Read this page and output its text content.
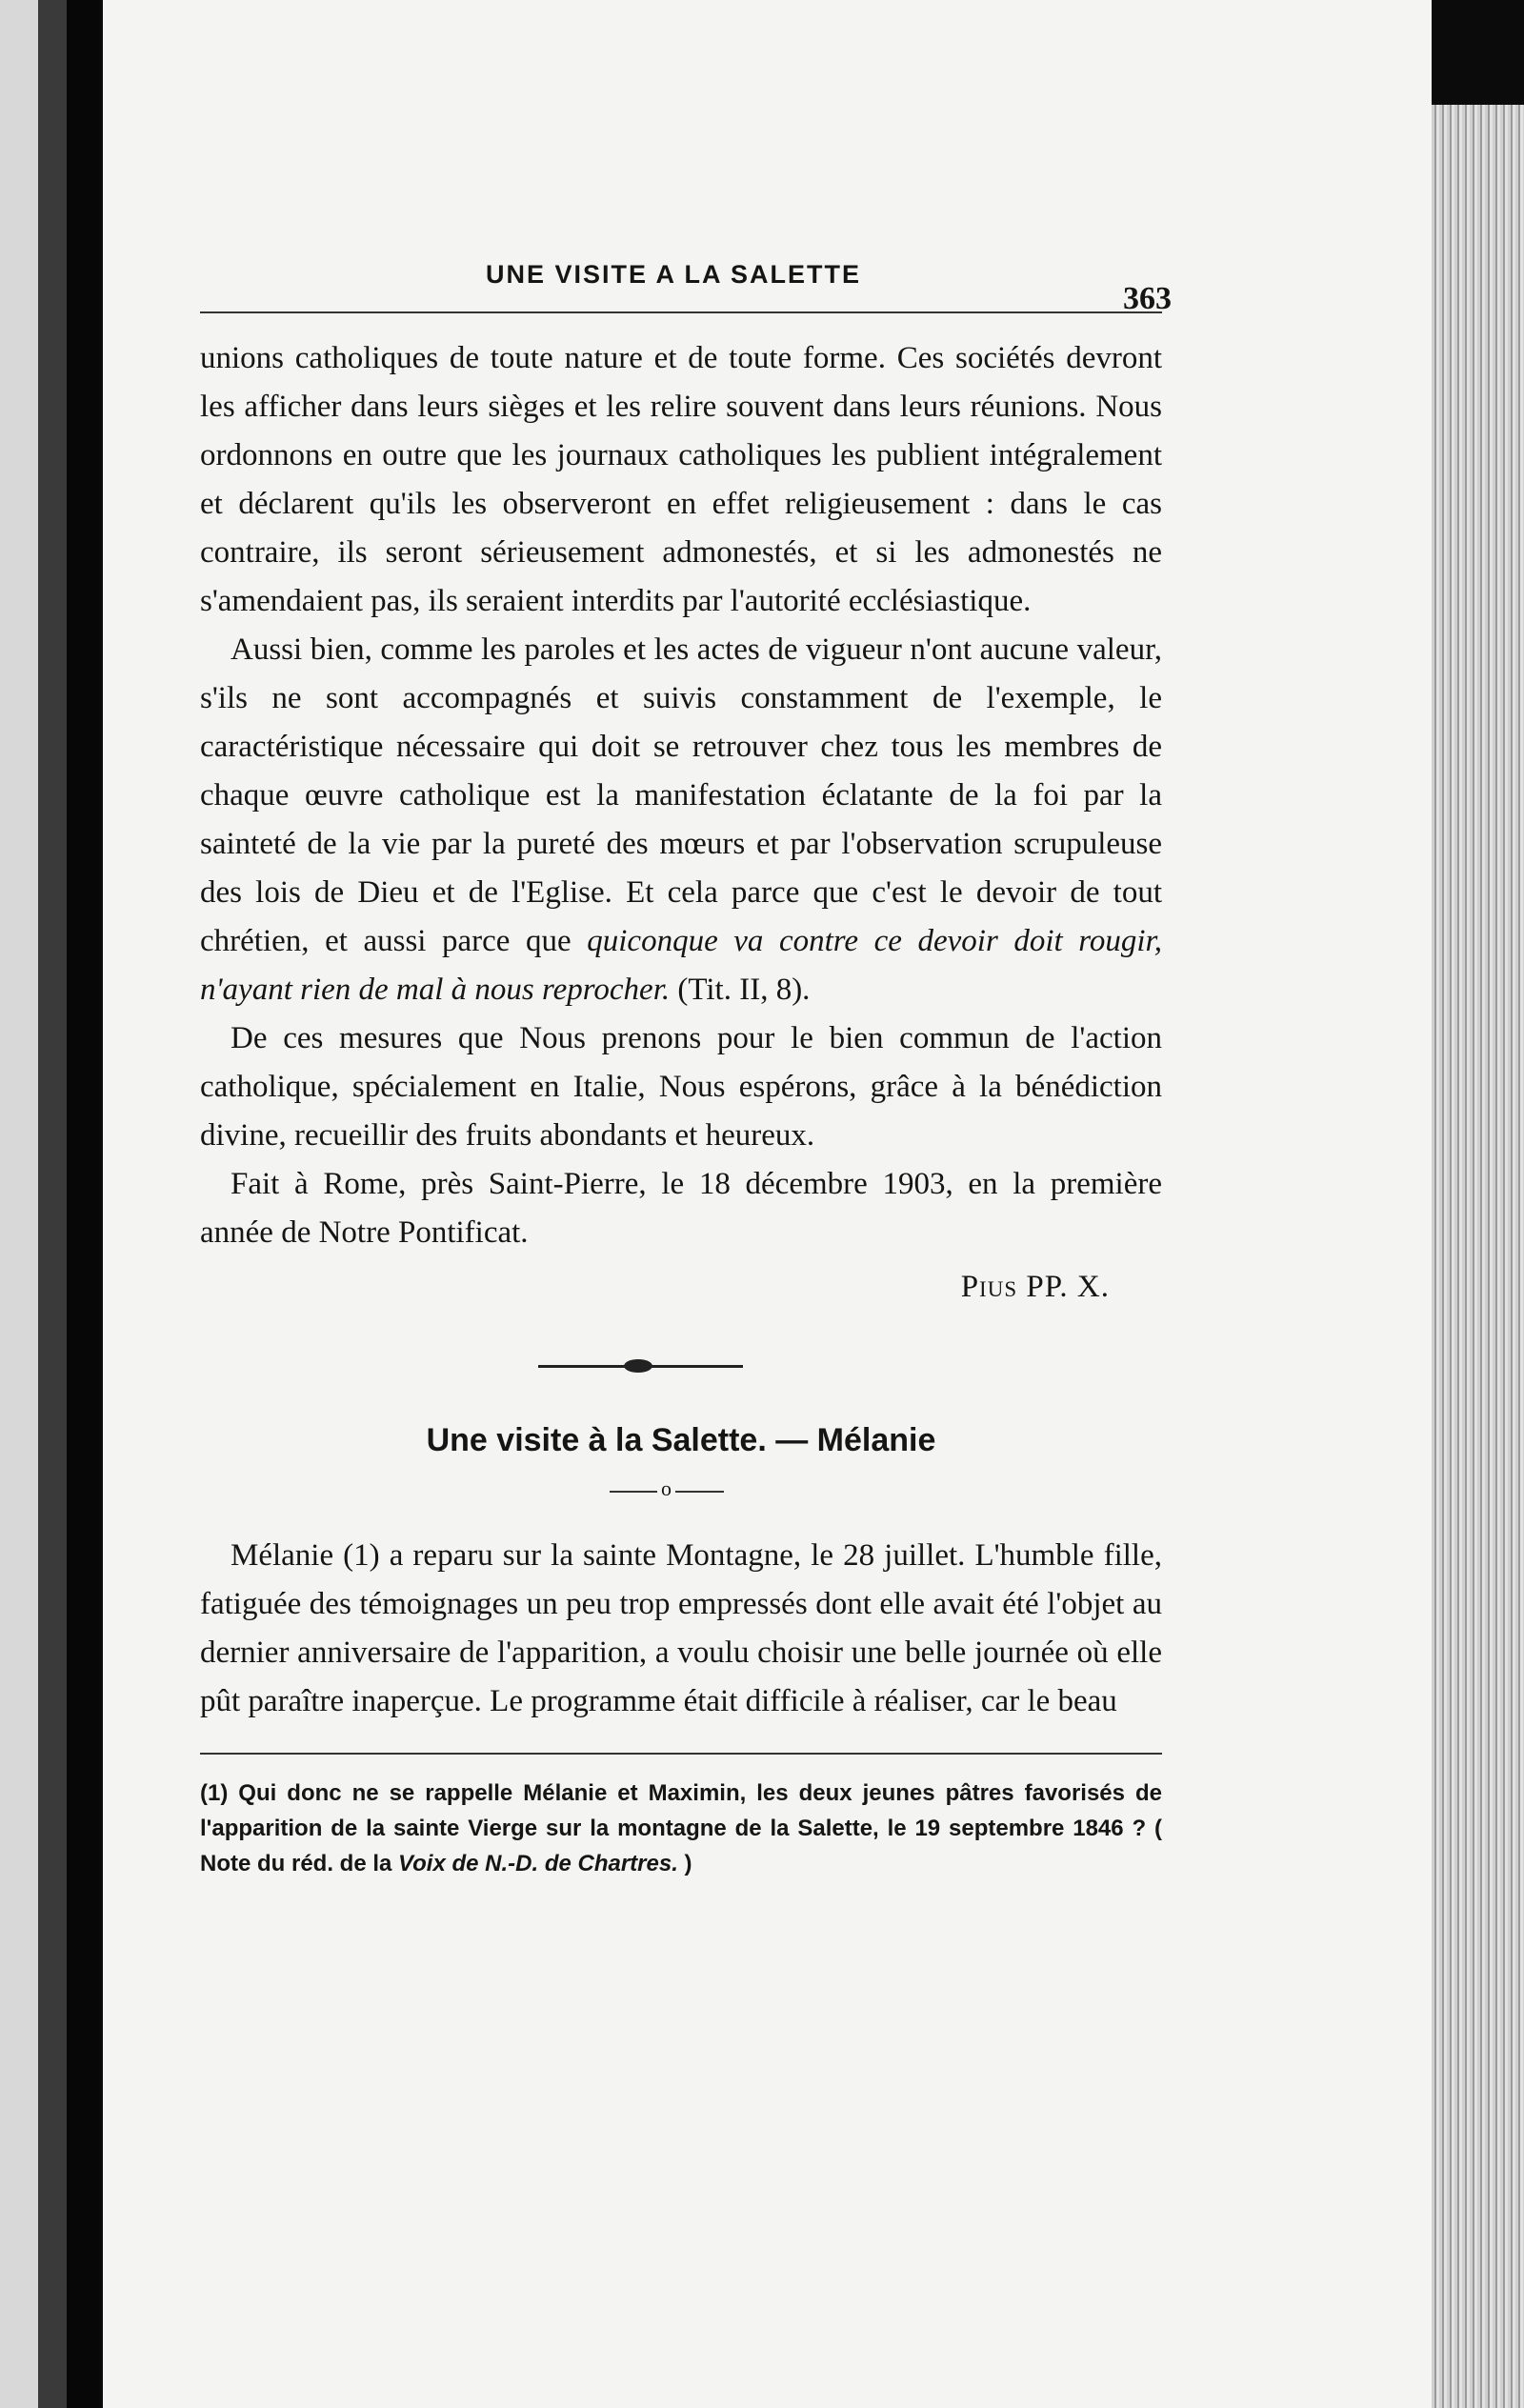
UNE VISITE A LA SALETTE
363

unions catholiques de toute nature et de toute forme. Ces sociétés devront les afficher dans leurs sièges et les relire souvent dans leurs réunions. Nous ordonnons en outre que les journaux catholiques les publient intégralement et déclarent qu'ils les observeront en effet religieusement : dans le cas contraire, ils seront sérieusement admonestés, et si les admonestés ne s'amendaient pas, ils seraient interdits par l'autorité ecclésiastique.

Aussi bien, comme les paroles et les actes de vigueur n'ont aucune valeur, s'ils ne sont accompagnés et suivis constamment de l'exemple, le caractéristique nécessaire qui doit se retrouver chez tous les membres de chaque œuvre catholique est la manifestation éclatante de la foi par la sainteté de la vie par la pureté des mœurs et par l'observation scrupuleuse des lois de Dieu et de l'Eglise. Et cela parce que c'est le devoir de tout chrétien, et aussi parce que quiconque va contre ce devoir doit rougir, n'ayant rien de mal à nous reprocher. (Tit. II, 8).

De ces mesures que Nous prenons pour le bien commun de l'action catholique, spécialement en Italie, Nous espérons, grâce à la bénédiction divine, recueillir des fruits abondants et heureux.

Fait à Rome, près Saint-Pierre, le 18 décembre 1903, en la première année de Notre Pontificat.

Pius PP. X.
Une visite à la Salette. — Mélanie
o

Mélanie (1) a reparu sur la sainte Montagne, le 28 juillet. L'humble fille, fatiguée des témoignages un peu trop empressés dont elle avait été l'objet au dernier anniversaire de l'apparition, a voulu choisir une belle journée où elle pût paraître inaperçue. Le programme était difficile à réaliser, car le beau

(1) Qui donc ne se rappelle Mélanie et Maximin, les deux jeunes pâtres favorisés de l'apparition de la sainte Vierge sur la montagne de la Salette, le 19 septembre 1846 ? ( Note du réd. de la Voix de N.-D. de Chartres. )
